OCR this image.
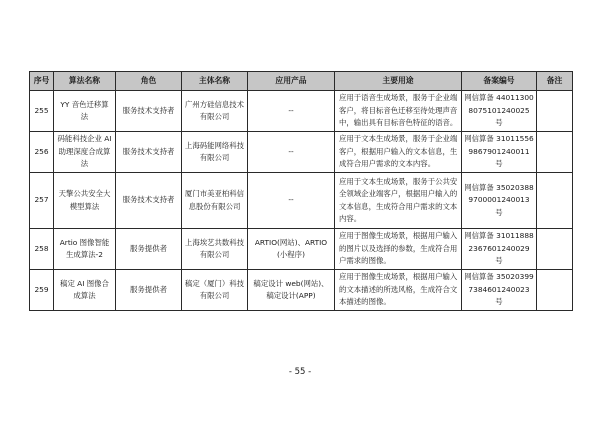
序号	算法名称	角色	主体名称	应用产品	主要用途	备案编号	备注
255	YY 音色迁移算法	服务技术支持者	广州方硅信息技术有限公司	--	应用于语音生成场景，服务于企业端客户，将目标音色迁移至待处理声音中，输出具有目标音色特征的语音。	网信算备 440113008075101240025 号	
256	码能科技企业 AI 助理深度合成算法	服务技术支持者	上海码能网络科技有限公司	--	应用于文本生成场景，服务于企业端客户，根据用户输入的文本信息，生成符合用户需求的文本内容。	网信算备 310115569867901240011 号	
257	天擎公共安全大模型算法	服务技术支持者	厦门市美亚柏科信息股份有限公司	--	应用于文本生成场景，服务于公共安全领域企业端客户，根据用户输入的文本信息，生成符合用户需求的文本内容。	网信算备 350203889700001240013 号	
258	Artio 图像智能生成算法-2	服务提供者	上海埃艺共数科技有限公司	ARTIO(网站)、ARTIO(小程序)	应用于图像生成场景，根据用户输入的图片以及选择的参数，生成符合用户需求的图像。	网信算备 310118882367601240029 号	
259	稿定 AI 图像合成算法	服务提供者	稿定（厦门）科技有限公司	稿定设计 web(网站)、稿定设计(APP)	应用于图像生成场景，根据用户输入的文本描述的所选风格，生成符合文本描述的图像。	网信算备 350203997384601240023 号	
- 55 -
